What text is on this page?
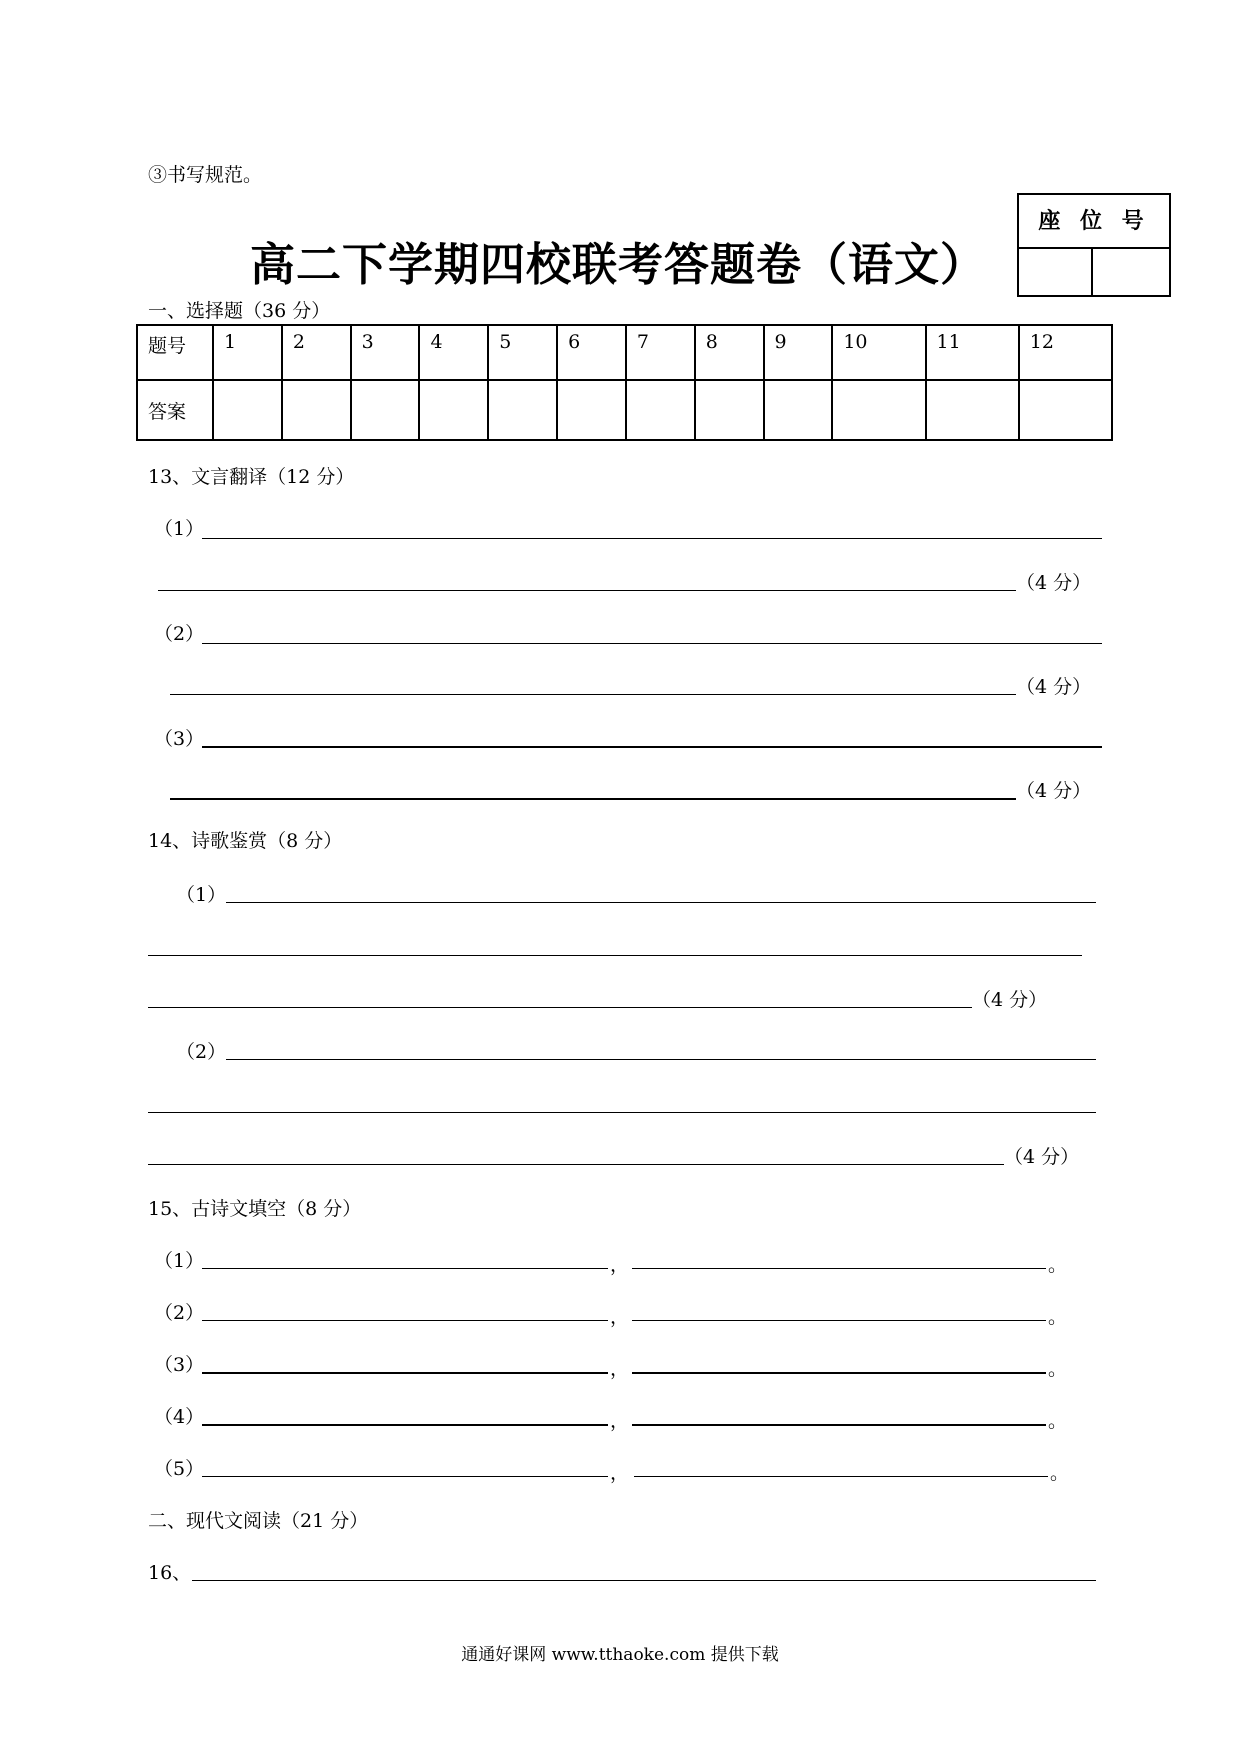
③书写规范。
高二下学期四校联考答题卷（语文）
座 位 号
一、选择题（36 分）
题号	1	2	3	4	5	6	7	8	9	10	11	12
答案												
13、文言翻译（12 分）
（1）
（4 分）
（2）
（4 分）
（3）
（4 分）
14、诗歌鉴赏（8 分）
（1）
（4 分）
（2）
（4 分）
15、古诗文填空（8 分）
（1）	，	。
（2）	，	。
（3）	，	。
（4）	，	。
（5）	，	。
二、现代文阅读（21 分）
16、
通通好课网 www.tthaoke.com 提供下载
